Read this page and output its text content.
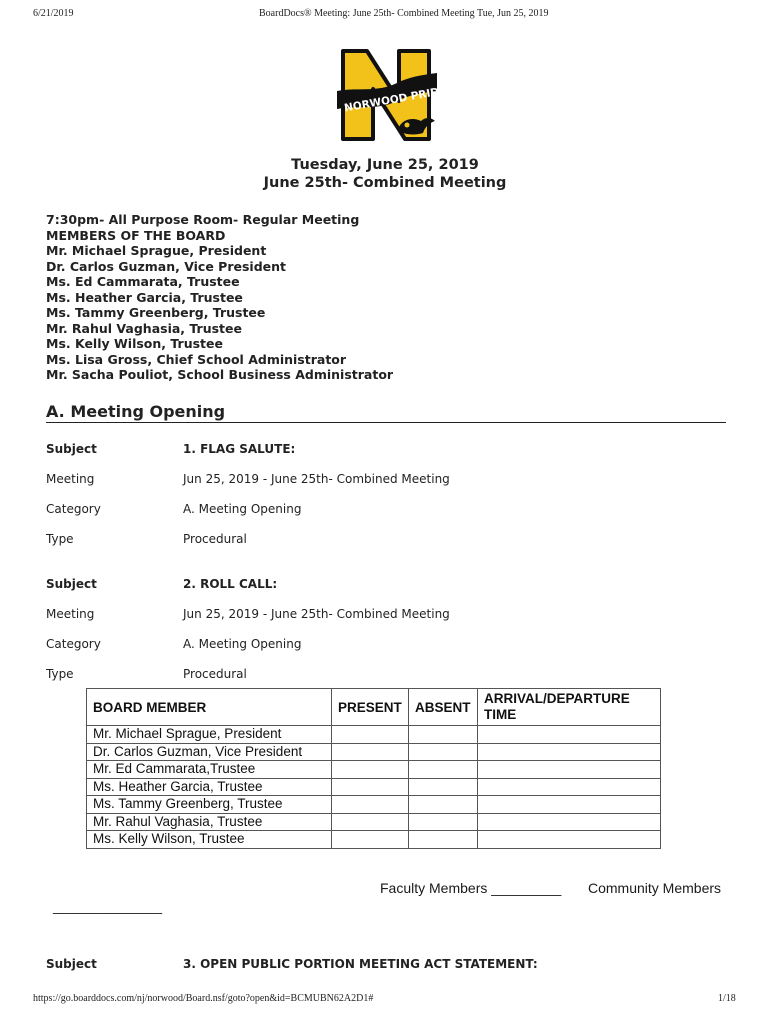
6/21/2019	BoardDocs® Meeting: June 25th- Combined Meeting Tue, Jun 25, 2019
NORWOOD PRIDE
Tuesday, June 25, 2019
June 25th- Combined Meeting
7:30pm- All Purpose Room- Regular Meeting
MEMBERS OF THE BOARD
Mr. Michael Sprague, President
Dr. Carlos Guzman, Vice President
Ms. Ed Cammarata, Trustee
Ms. Heather Garcia, Trustee
Ms. Tammy Greenberg, Trustee
Mr. Rahul Vaghasia, Trustee
Ms. Kelly Wilson, Trustee
Ms. Lisa Gross, Chief School Administrator
Mr. Sacha Pouliot, School Business Administrator
A. Meeting Opening
Subject	1. FLAG SALUTE:
Meeting	Jun 25, 2019 - June 25th- Combined Meeting
Category	A. Meeting Opening
Type	Procedural
Subject	2. ROLL CALL:
Meeting	Jun 25, 2019 - June 25th- Combined Meeting
Category	A. Meeting Opening
Type	Procedural
BOARD MEMBER	PRESENT	ABSENT	ARRIVAL/DEPARTURE TIME
Mr. Michael Sprague, President			
Dr. Carlos Guzman, Vice President			
Mr. Ed Cammarata,Trustee			
Ms. Heather Garcia, Trustee			
Ms. Tammy Greenberg, Trustee			
Mr. Rahul Vaghasia, Trustee			
Ms. Kelly Wilson, Trustee			
Faculty Members _________ Community Members
______________
Subject	3. OPEN PUBLIC PORTION MEETING ACT STATEMENT:
https://go.boarddocs.com/nj/norwood/Board.nsf/goto?open&id=BCMUBN62A2D1#	1/18
